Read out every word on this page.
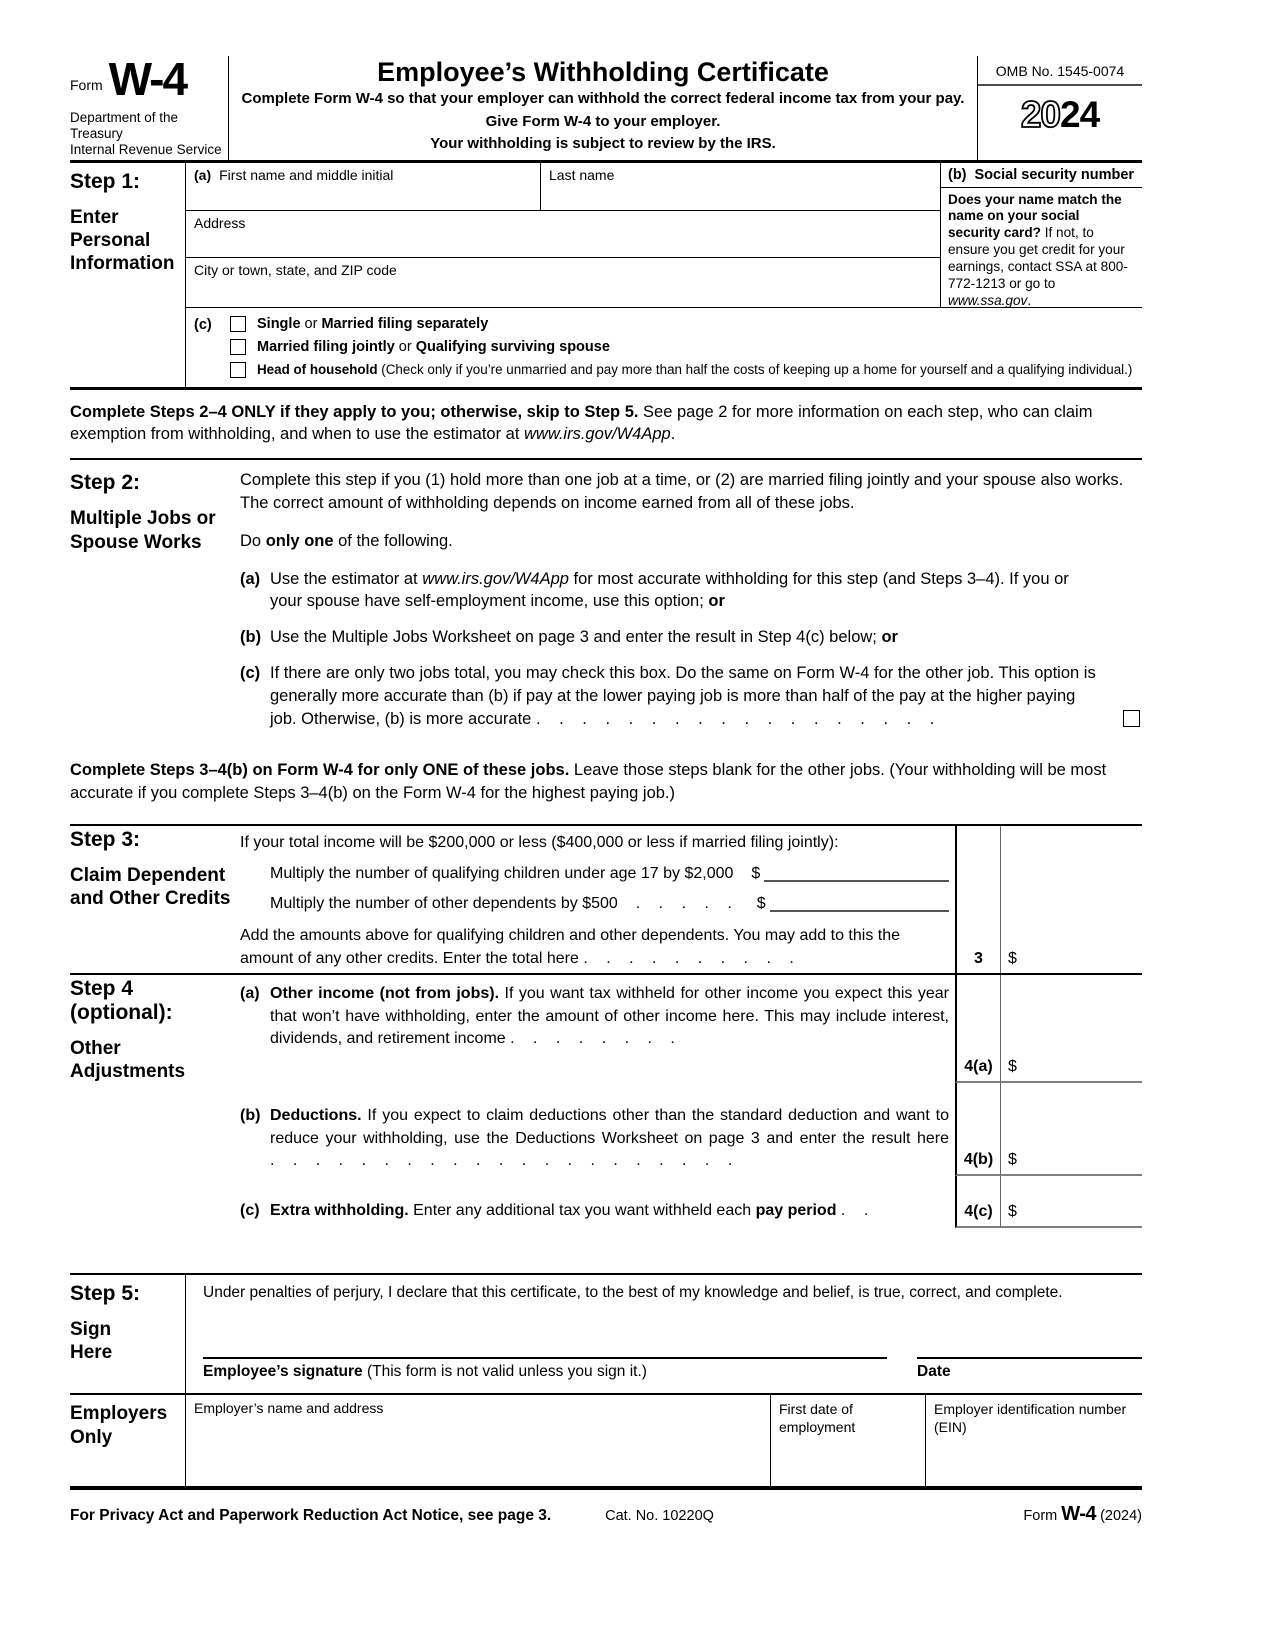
Form W-4
Department of the Treasury
Internal Revenue Service
Employee’s Withholding Certificate
Complete Form W-4 so that your employer can withhold the correct federal income tax from your pay.
Give Form W-4 to your employer.
Your withholding is subject to review by the IRS.
OMB No. 1545-0074
2024
Step 1:
Enter Personal Information
(a) First name and middle initial	Last name
Address
City or town, state, and ZIP code
(b) Social security number
Does your name match the name on your social security card? If not, to ensure you get credit for your earnings, contact SSA at 800-772-1213 or go to www.ssa.gov.
(c)	Single or Married filing separately
Married filing jointly or Qualifying surviving spouse
Head of household (Check only if you’re unmarried and pay more than half the costs of keeping up a home for yourself and a qualifying individual.)
Complete Steps 2–4 ONLY if they apply to you; otherwise, skip to Step 5. See page 2 for more information on each step, who can claim exemption from withholding, and when to use the estimator at www.irs.gov/W4App.
Step 2:
Multiple Jobs or Spouse Works

Complete this step if you (1) hold more than one job at a time, or (2) are married filing jointly and your spouse also works. The correct amount of withholding depends on income earned from all of these jobs.

Do only one of the following.

(a) Use the estimator at www.irs.gov/W4App for most accurate withholding for this step (and Steps 3–4). If you or your spouse have self-employment income, use this option; or
(b) Use the Multiple Jobs Worksheet on page 3 and enter the result in Step 4(c) below; or
(c) If there are only two jobs total, you may check this box. Do the same on Form W-4 for the other job. This option is generally more accurate than (b) if pay at the lower paying job is more than half of the pay at the higher paying job. Otherwise, (b) is more accurate . . . . . . . . . . . . . . . . . .
Complete Steps 3–4(b) on Form W-4 for only ONE of these jobs. Leave those steps blank for the other jobs. (Your withholding will be most accurate if you complete Steps 3–4(b) on the Form W-4 for the highest paying job.)
Step 3:
Claim Dependent and Other Credits
If your total income will be $200,000 or less ($400,000 or less if married filing jointly):
Multiply the number of qualifying children under age 17 by $2,000 $
Multiply the number of other dependents by $500 . . . . . $
Add the amounts above for qualifying children and other dependents. You may add to this the amount of any other credits. Enter the total here . . . . . . . . . .	3	$
Step 4 (optional):
Other Adjustments
(a) Other income (not from jobs). If you want tax withheld for other income you expect this year that won’t have withholding, enter the amount of other income here. This may include interest, dividends, and retirement income . . . . . . . .
4(a) $
(b) Deductions. If you expect to claim deductions other than the standard deduction and want to reduce your withholding, use the Deductions Worksheet on page 3 and enter the result here . . . . . . . . . . . . . . . . . . . . .	4(b) $
(c) Extra withholding. Enter any additional tax you want withheld each pay period . .	4(c) $
Step 5:
Sign Here
Under penalties of perjury, I declare that this certificate, to the best of my knowledge and belief, is true, correct, and complete.
Employee’s signature (This form is not valid unless you sign it.)	Date
Employers Only
Employer’s name and address	First date of employment
Employer identification number (EIN)
For Privacy Act and Paperwork Reduction Act Notice, see page 3.	Cat. No. 10220Q	Form W-4 (2024)
